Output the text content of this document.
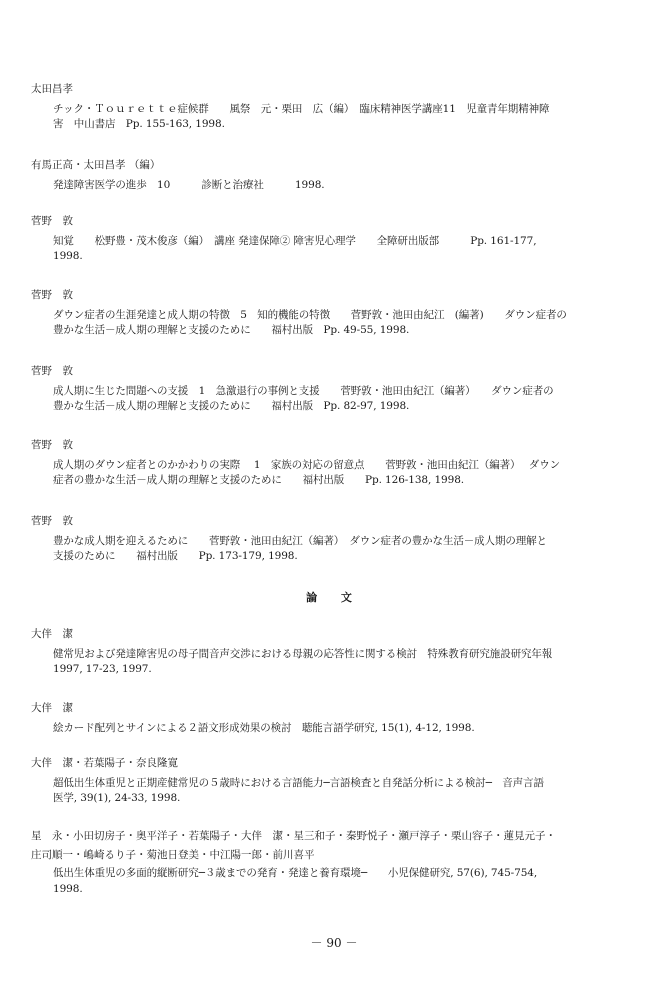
太田昌孝

チック・Ｔｏｕｒｅｔｔｅ症候群　　風祭　元・栗田　広（編）　臨床精神医学講座11　児童青年期精神障

害　中山書店　Pp. 155-163, 1998.

有馬正高・太田昌孝 （編）

発達障害医学の進歩　10　　　診断と治療社　　　1998.

菅野　敦

知覚　　松野豊・茂木俊彦（編）　講座 発達保障② 障害児心理学　　全障研出版部　　　Pp. 161-177,

1998.

菅野　敦

ダウン症者の生涯発達と成人期の特徴　5　知的機能の特徴　　菅野敦・池田由紀江　(編著)　　ダウン症者の

豊かな生活－成人期の理解と支援のために　　福村出版　Pp. 49-55, 1998.

菅野　敦

成人期に生じた問題への支援　1　急激退行の事例と支援　　菅野敦・池田由紀江（編著）　　ダウン症者の

豊かな生活－成人期の理解と支援のために　　福村出版　Pp. 82-97, 1998.

菅野　敦

成人期のダウン症者とのかかわりの実際　 1　家族の対応の留意点　　菅野敦・池田由紀江（編著）　 ダウン

症者の豊かな生活－成人期の理解と支援のために　　福村出版　　Pp. 126-138, 1998.

菅野　敦

豊かな成人期を迎えるために　　菅野敦・池田由紀江（編著）　ダウン症者の豊かな生活－成人期の理解と

支援のために　　福村出版　　Pp. 173-179, 1998.

論 文

大伴　潔

健常児および発達障害児の母子間音声交渉における母親の応答性に関する検討　特殊教育研究施設研究年報

1997, 17-23, 1997.

大伴　潔

絵カード配列とサインによる２語文形成効果の検討　聴能言語学研究, 15(1), 4-12, 1998.

大伴　潔・若葉陽子・奈良隆寛

超低出生体重児と正期産健常児の５歳時における言語能力─言語検査と自発話分析による検討─　音声言語

医学, 39(1), 24-33, 1998.

星　永・小田切房子・奥平洋子・若葉陽子・大伴　潔・星三和子・秦野悦子・瀬戸淳子・栗山容子・蓮見元子・

庄司順一・嶋崎るり子・菊池日登美・中江陽一郎・前川喜平

低出生体重児の多面的縦断研究─３歳までの発育・発達と養育環境─　　小児保健研究, 57(6), 745-754,

1998.

－ 90 －
